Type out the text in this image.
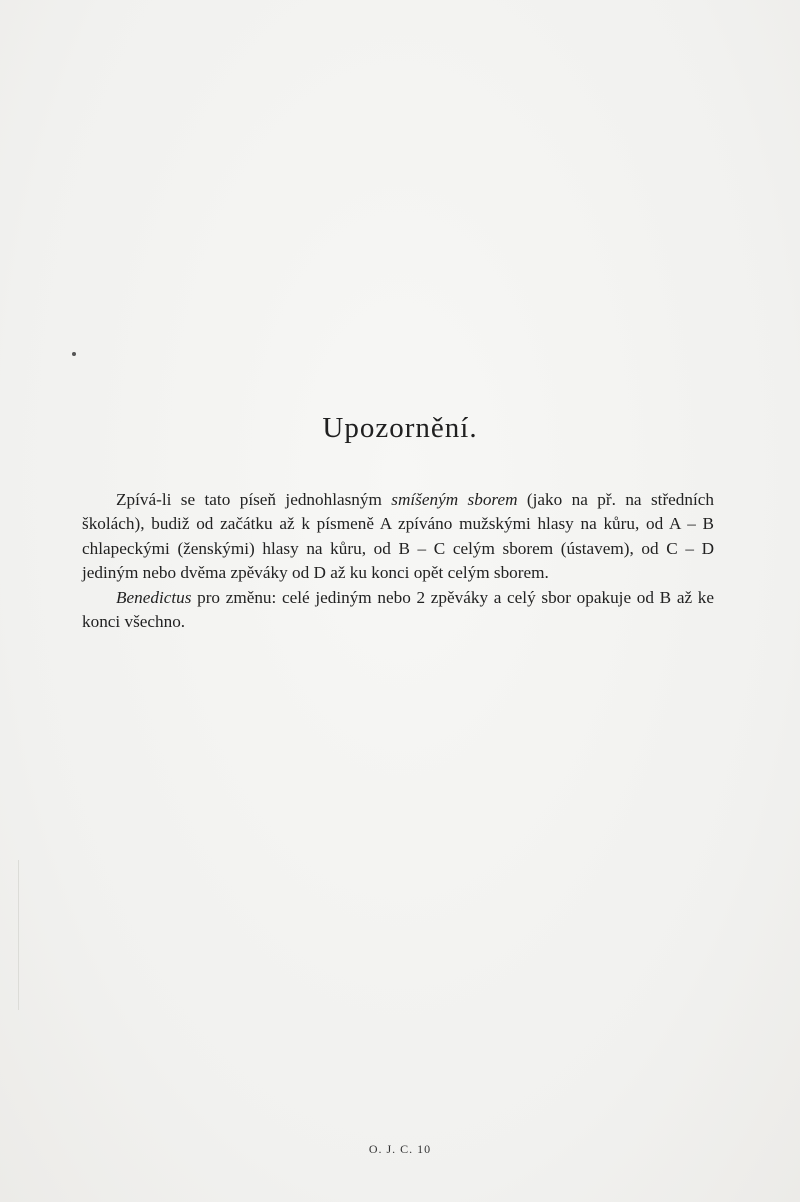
Upozornění.

Zpívá-li se tato píseň jednohlasným smíšeným sborem (jako na př. na středních školách), budiž od začátku až k písmeně A zpíváno mužskými hlasy na kůru, od A – B chlapeckými (ženskými) hlasy na kůru, od B – C celým sborem (ústavem), od C – D jediným nebo dvěma zpěváky od D až ku konci opět celým sborem.

Benedictus pro změnu: celé jediným nebo 2 zpěváky a celý sbor opakuje od B až ke konci všechno.

O. J. C. 10
